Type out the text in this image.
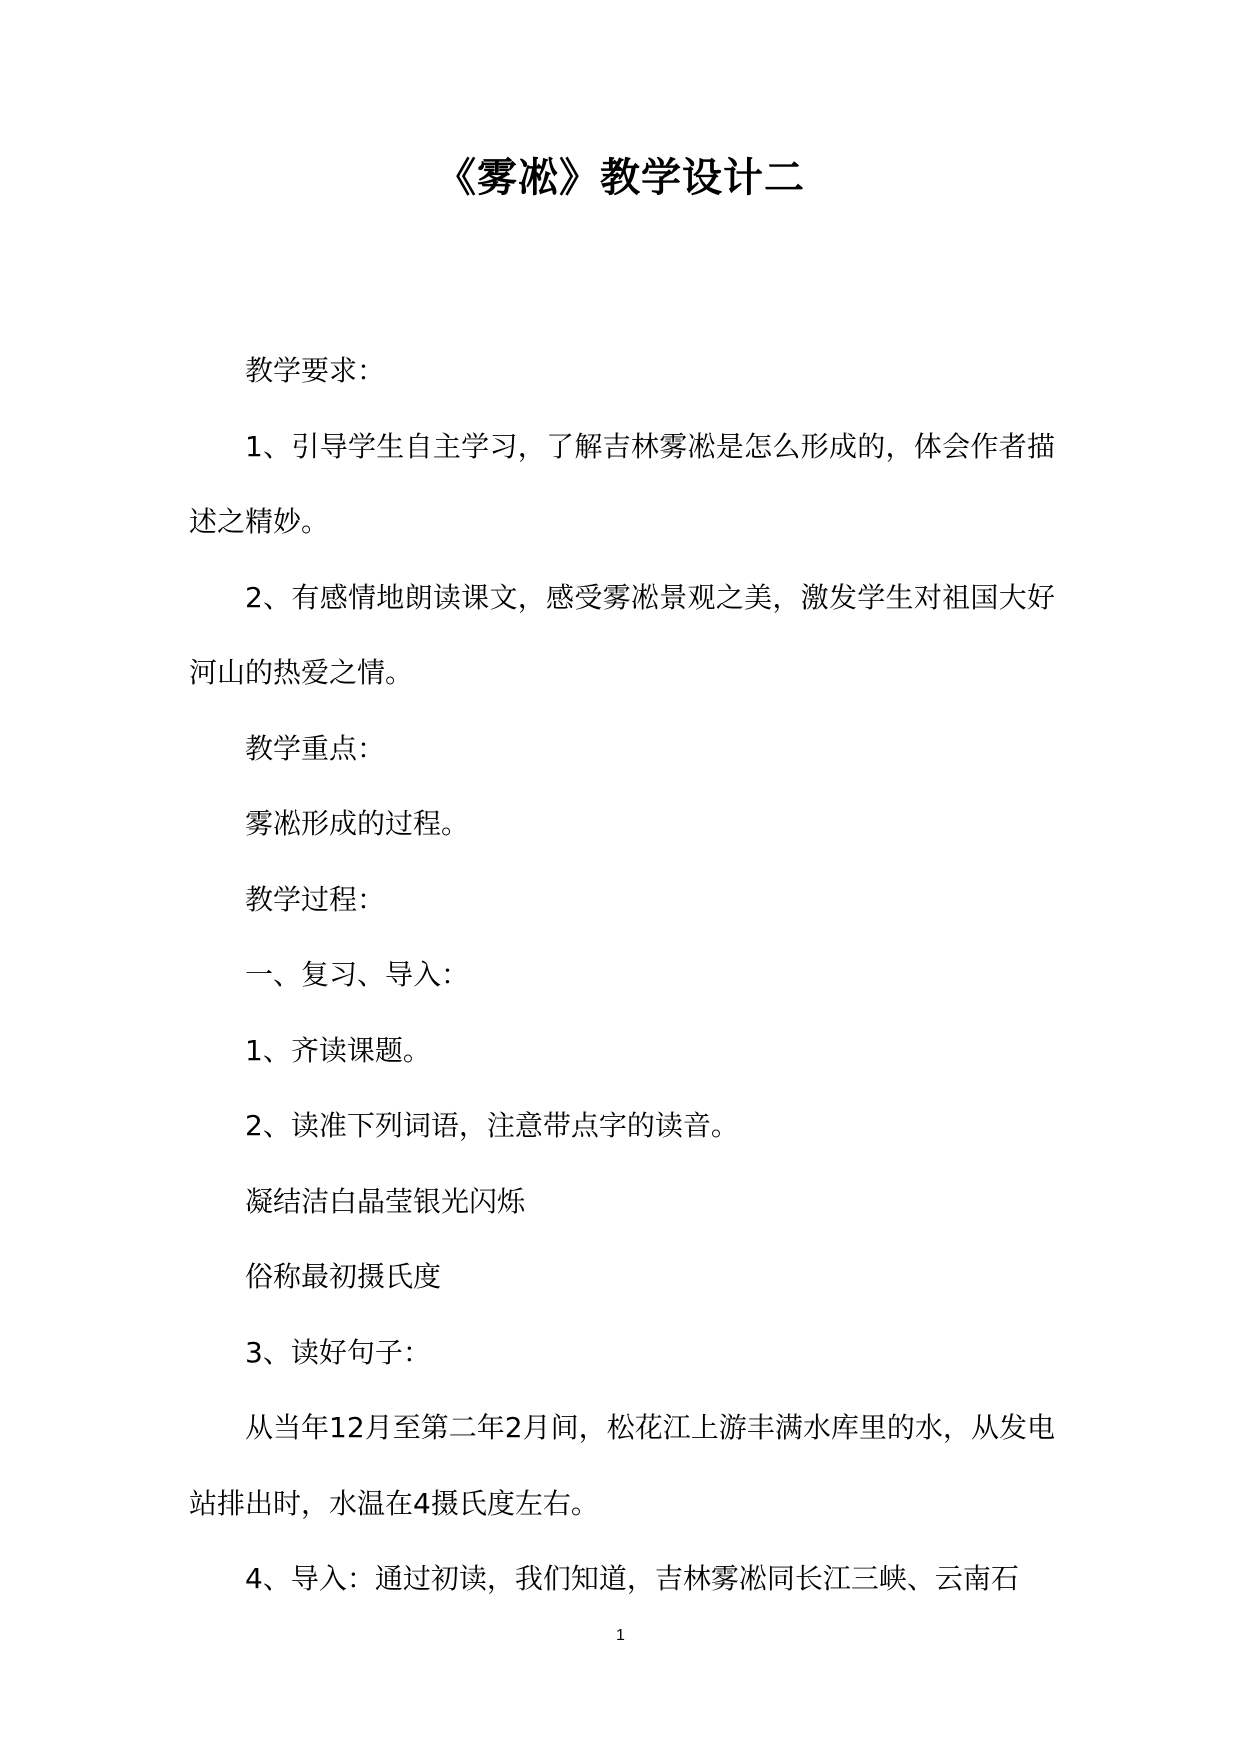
《雾凇》教学设计二

教学要求：

1、引导学生自主学习，了解吉林雾凇是怎么形成的，体会作者描述之精妙。

2、有感情地朗读课文，感受雾凇景观之美，激发学生对祖国大好河山的热爱之情。

教学重点：

雾凇形成的过程。

教学过程：

一、复习、导入：

1、齐读课题。

2、读准下列词语，注意带点字的读音。

凝结洁白晶莹银光闪烁

俗称最初摄氏度

3、读好句子：

从当年12月至第二年2月间，松花江上游丰满水库里的水，从发电站排出时，水温在4摄氏度左右。

4、导入：通过初读，我们知道，吉林雾凇同长江三峡、云南石

1
